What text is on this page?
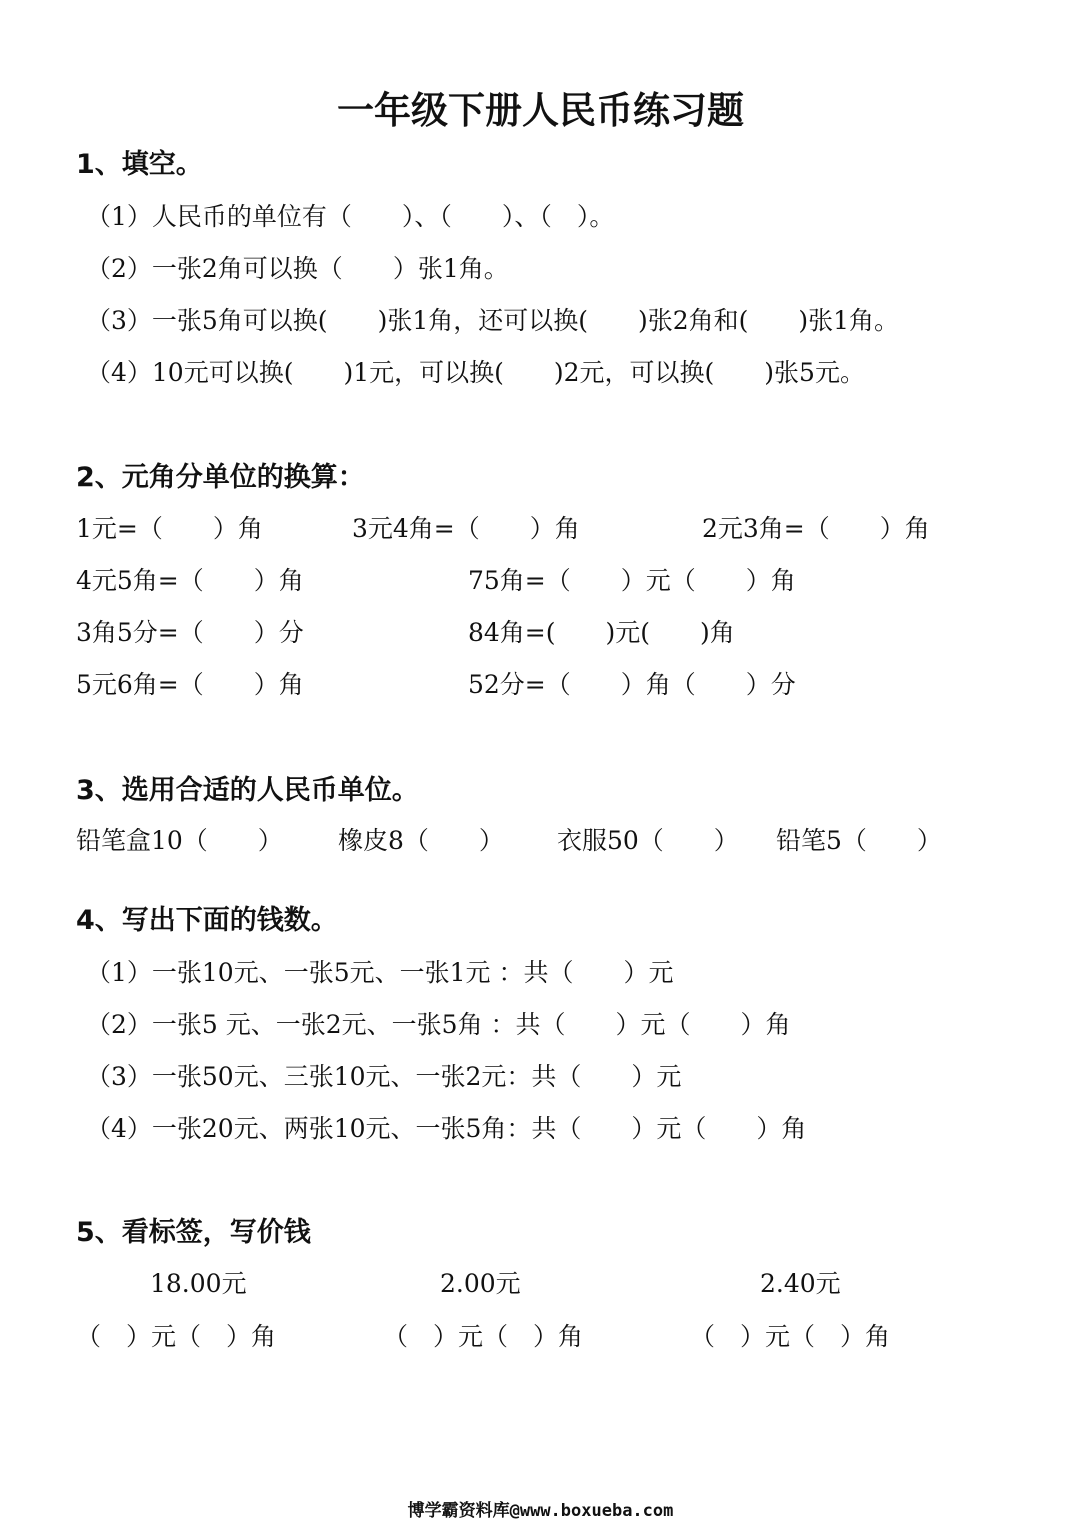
一年级下册人民币练习题
1、填空。
（1）人民币的单位有（　　）、（　　）、（　）。
（2）一张2角可以换（　　）张1角。
（3）一张5角可以换(　　)张1角，还可以换(　　)张2角和(　　)张1角。
（4）10元可以换(　　)1元，可以换(　　)2元，可以换(　　)张5元。
2、元角分单位的换算：
1元=（　　）角	3元4角=（　　）角	2元3角=（　　）角
4元5角=（　　）角	75角=（　　）元（　　）角
3角5分=（　　）分	84角=(　　)元(　　)角
5元6角=（　　）角	52分=（　　）角（　　）分
3、选用合适的人民币单位。
铅笔盒10（　　） 橡皮8（　　） 衣服50（　　） 铅笔5（　　）
4、写出下面的钱数。
（1）一张10元、一张5元、一张1元 ：共（　　）元
（2）一张5 元、一张2元、一张5角 ：共（　　）元（　　）角
（3）一张50元、三张10元、一张2元：共（　　）元
（4）一张20元、两张10元、一张5角：共（　　）元（　　）角
5、看标签，写价钱
18.00元	2.00元	2.40元
（　）元（　）角	（　）元（　）角	（　）元（　）角
博学霸资料库@www.boxueba.com
